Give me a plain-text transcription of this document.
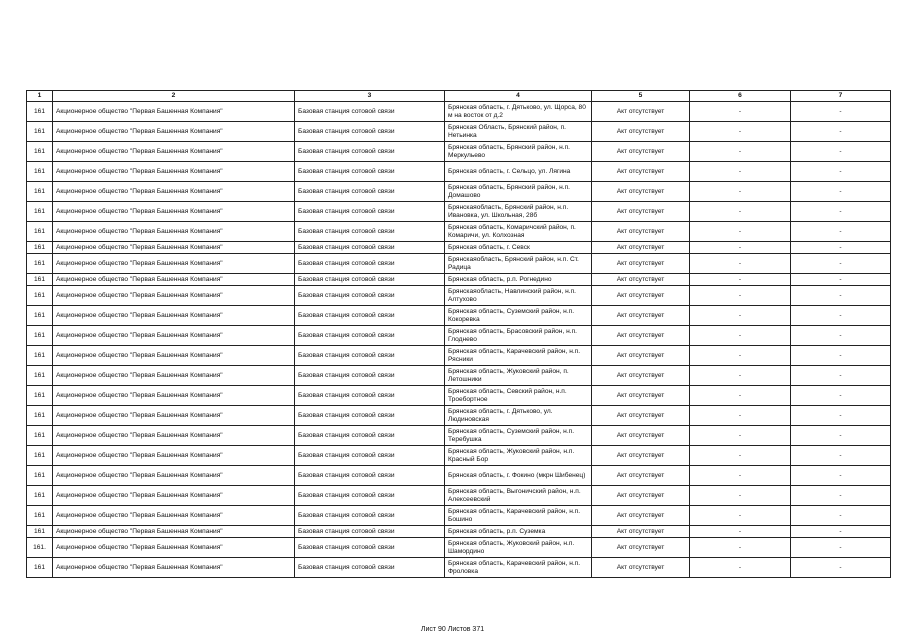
1	2	3	4	5	6	7
161	Акционерное общество "Первая Башенная Компания"	Базовая станция сотовой связи	Брянская область, г. Дятьково, ул. Щорса, 80 м на восток от д.2	Акт отсутствует	-	-
161	Акционерное общество "Первая Башенная Компания"	Базовая станция сотовой связи	Брянская Область, Брянский район, п. Нетьинка	Акт отсутствует	-	-
161	Акционерное общество "Первая Башенная Компания"	Базовая станция сотовой связи	Брянская область, Брянский район, н.п. Меркульево	Акт отсутствует	-	-
161	Акционерное общество "Первая Башенная Компания"	Базовая станция сотовой связи	Брянская область, г. Сельцо, ул. Лягина	Акт отсутствует	-	-
161	Акционерное общество "Первая Башенная Компания"	Базовая станция сотовой связи	Брянская область, Брянский район, н.п. Домашово	Акт отсутствует	-	-
161	Акционерное общество "Первая Башенная Компания"	Базовая станция сотовой связи	Брянскаяобласть, Брянский район, н.п. Ивановка, ул. Школьная, 28б	Акт отсутствует	-	-
161	Акционерное общество "Первая Башенная Компания"	Базовая станция сотовой связи	Брянская область, Комаричский район, п. Комаричи, ул. Колхозная	Акт отсутствует	-	-
161	Акционерное общество "Первая Башенная Компания"	Базовая станция сотовой связи	Брянская область, г. Севск	Акт отсутствует	-	-
161	Акционерное общество "Первая Башенная Компания"	Базовая станция сотовой связи	Брянскаяобласть, Брянский район, н.п. Ст. Радица	Акт отсутствует	-	-
161	Акционерное общество "Первая Башенная Компания"	Базовая станция сотовой связи	Брянская область, р.п. Рогнедино	Акт отсутствует	-	-
161	Акционерное общество "Первая Башенная Компания"	Базовая станция сотовой связи	Брянскаяобласть, Навлинский район, н.п. Алтухово	Акт отсутствует	-	-
161	Акционерное общество "Первая Башенная Компания"	Базовая станция сотовой связи	Брянская область, Суземский район, н.п. Кокоревка	Акт отсутствует	-	-
161	Акционерное общество "Первая Башенная Компания"	Базовая станция сотовой связи	Брянская область, Брасовский район, н.п. Глоднево	Акт отсутствует	-	-
161	Акционерное общество "Первая Башенная Компания"	Базовая станция сотовой связи	Брянская область, Карачевский район, н.п. Рясники	Акт отсутствует	-	-
161	Акционерное общество "Первая Башенная Компания"	Базовая станция сотовой связи	Брянская область, Жуковский район, п. Летошники	Акт отсутствует	-	-
161	Акционерное общество "Первая Башенная Компания"	Базовая станция сотовой связи	Брянская область, Севский район, н.п. Троебортное	Акт отсутствует	-	-
161	Акционерное общество "Первая Башенная Компания"	Базовая станция сотовой связи	Брянская область, г. Дятьково, ул. Людиновская	Акт отсутствует	-	-
161	Акционерное общество "Первая Башенная Компания"	Базовая станция сотовой связи	Брянская область, Суземский район, н.п. Теребушка	Акт отсутствует	-	-
161	Акционерное общество "Первая Башенная Компания"	Базовая станция сотовой связи	Брянская область, Жуковский район, н.п. Красный Бор	Акт отсутствует	-	-
161	Акционерное общество "Первая Башенная Компания"	Базовая станция сотовой связи	Брянская область, г. Фокино (мкрн Шибенец)	Акт отсутствует	-	-
161	Акционерное общество "Первая Башенная Компания"	Базовая станция сотовой связи	Брянская область, Выгоничский район, н.п. Алексеевский	Акт отсутствует	-	-
161	Акционерное общество "Первая Башенная Компания"	Базовая станция сотовой связи	Брянская область, Карачевский район, н.п. Бошино	Акт отсутствует	-	-
161	Акционерное общество "Первая Башенная Компания"	Базовая станция сотовой связи	Брянская область, р.п. Суземка	Акт отсутствует	-	-
161.	Акционерное общество "Первая Башенная Компания"	Базовая станция сотовой связи	Брянская область, Жуковский район, н.п. Шамордино	Акт отсутствует	-	-
161	Акционерное общество "Первая Башенная Компания"	Базовая станция сотовой связи	Брянская область, Карачевский район, н.п. Фроловка	Акт отсутствует	-	-
Лист 90 Листов 371
